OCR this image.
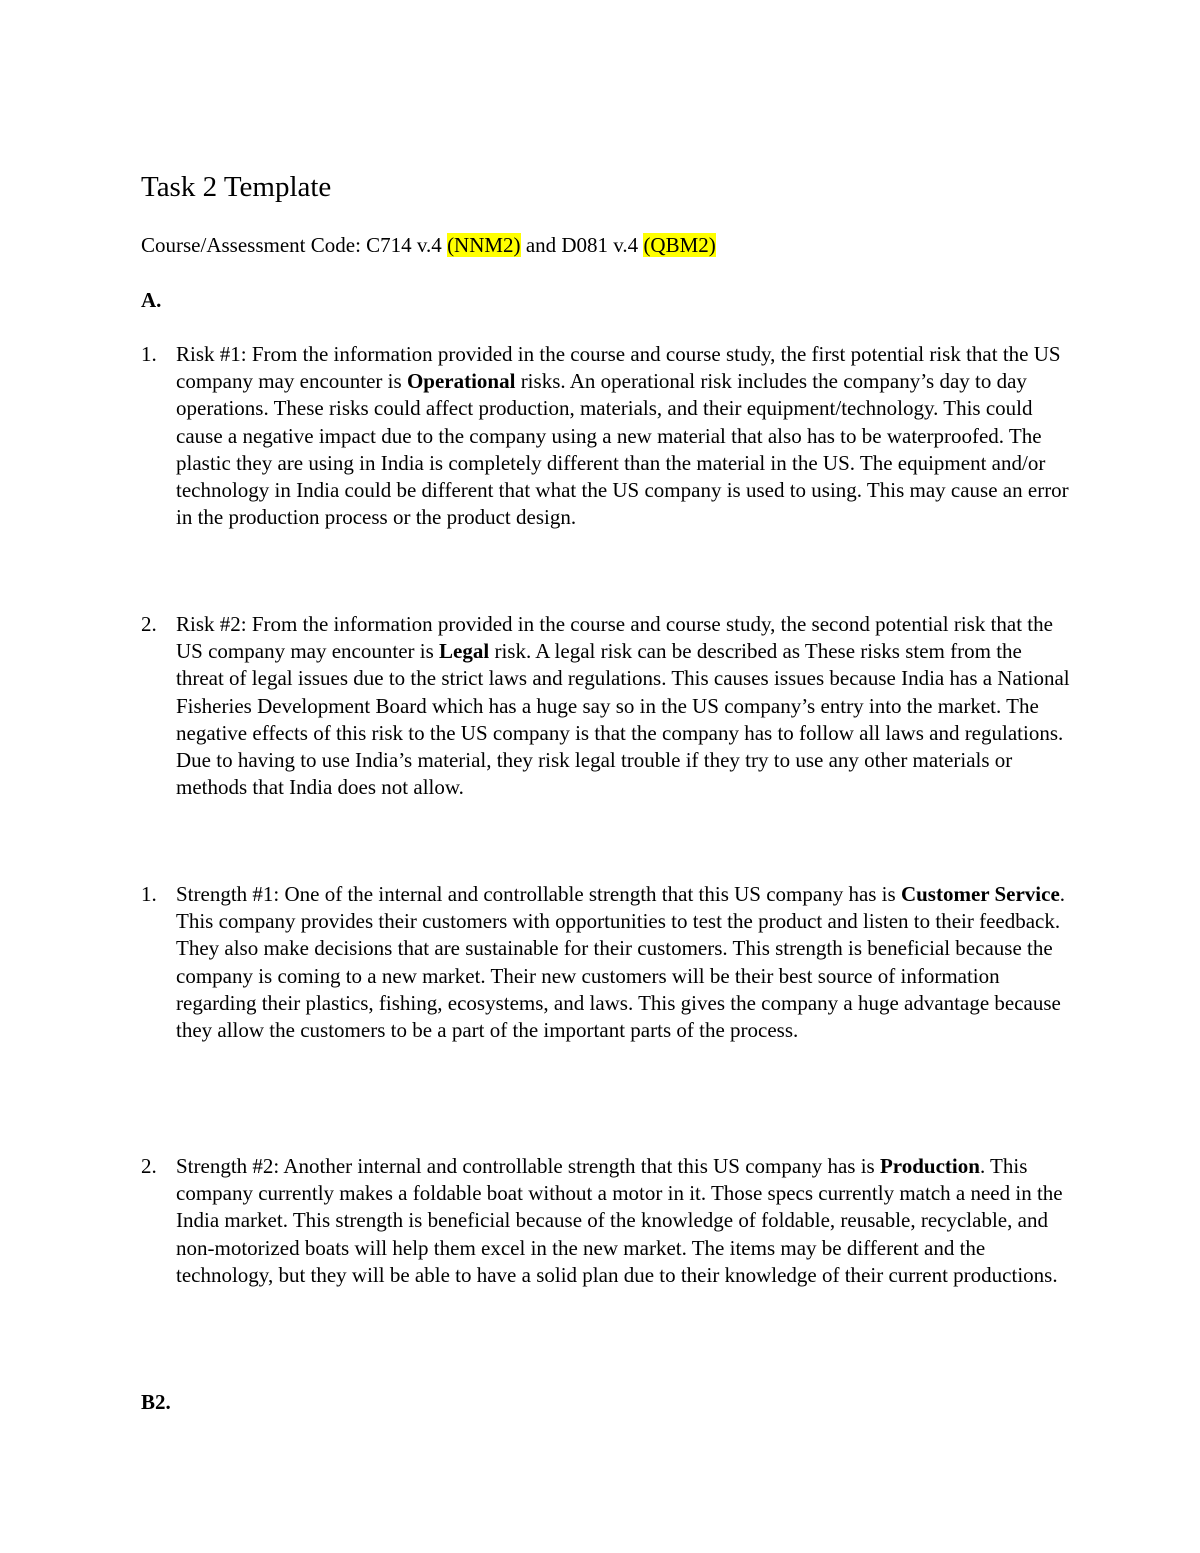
Task 2 Template

Course/Assessment Code: C714 v.4 (NNM2) and D081 v.4 (QBM2)

A.

1. Risk #1: From the information provided in the course and course study, the first potential risk that the US company may encounter is Operational risks. An operational risk includes the company’s day to day operations. These risks could affect production, materials, and their equipment/technology. This could cause a negative impact due to the company using a new material that also has to be waterproofed. The plastic they are using in India is completely different than the material in the US. The equipment and/or technology in India could be different that what the US company is used to using. This may cause an error in the production process or the product design.
2. Risk #2: From the information provided in the course and course study, the second potential risk that the US company may encounter is Legal risk. A legal risk can be described as These risks stem from the threat of legal issues due to the strict laws and regulations. This causes issues because India has a National Fisheries Development Board which has a huge say so in the US company’s entry into the market. The negative effects of this risk to the US company is that the company has to follow all laws and regulations. Due to having to use India’s material, they risk legal trouble if they try to use any other materials or methods that India does not allow.
1. Strength #1: One of the internal and controllable strength that this US company has is Customer Service. This company provides their customers with opportunities to test the product and listen to their feedback. They also make decisions that are sustainable for their customers. This strength is beneficial because the company is coming to a new market. Their new customers will be their best source of information regarding their plastics, fishing, ecosystems, and laws. This gives the company a huge advantage because they allow the customers to be a part of the important parts of the process.
2. Strength #2: Another internal and controllable strength that this US company has is Production. This company currently makes a foldable boat without a motor in it. Those specs currently match a need in the India market. This strength is beneficial because of the knowledge of foldable, reusable, recyclable, and non-motorized boats will help them excel in the new market. The items may be different and the technology, but they will be able to have a solid plan due to their knowledge of their current productions.

B2.
